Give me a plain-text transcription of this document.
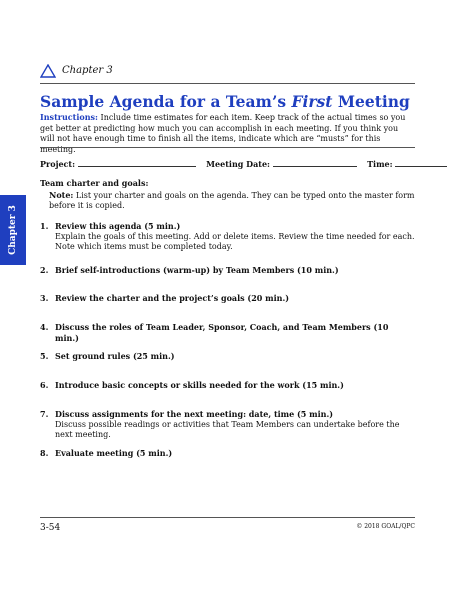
Chapter 3
Sample Agenda for a Team’s First Meeting
Instructions: Include time estimates for each item. Keep track of the actual times so you get better at predicting how much you can accomplish in each meeting. If you think you will not have enough time to finish all the items, indicate which are “musts” for this meeting.
Project:	Meeting Date:	Time:
Team charter and goals:
Note: List your charter and goals on the agenda. They can be typed onto the master form before it is copied.
Chapter 3	1. Review this agenda (5 min.)
Explain the goals of this meeting. Add or delete items. Review the time needed for each. Note which items must be completed today.
2. Brief self-introductions (warm-up) by Team Members (10 min.)
3. Review the charter and the project’s goals (20 min.)
4. Discuss the roles of Team Leader, Sponsor, Coach, and Team Members (10 min.)
5. Set ground rules (25 min.)
6. Introduce basic concepts or skills needed for the work (15 min.)
7. Discuss assignments for the next meeting: date, time (5 min.)
Discuss possible readings or activities that Team Members can undertake before the next meeting.
8. Evaluate meeting (5 min.)
3-54	© 2018 GOAL/QPC
